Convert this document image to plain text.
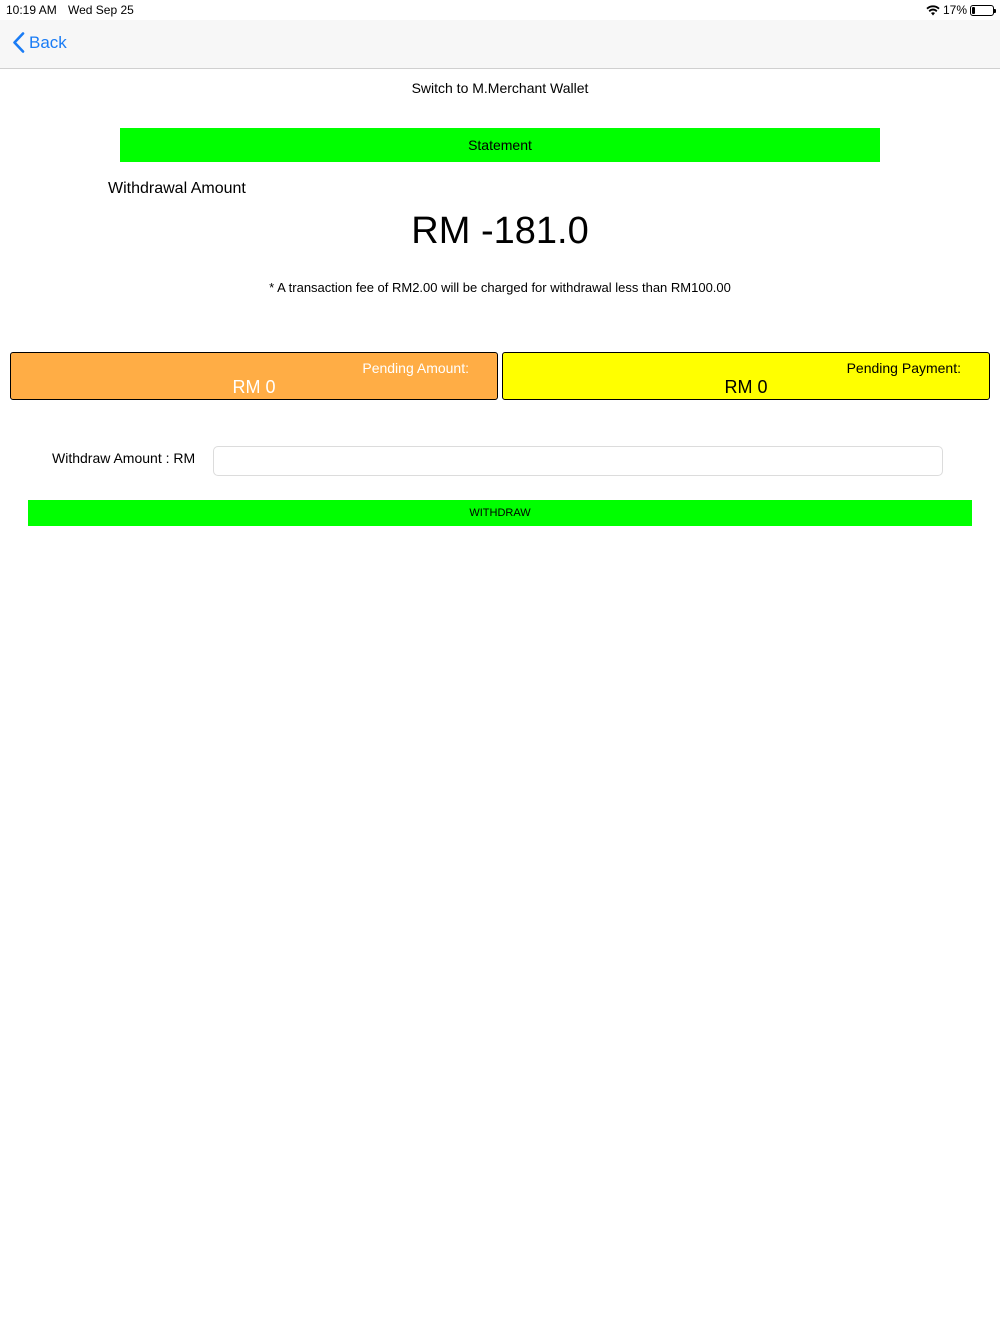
10:19 AM Wed Sep 25	17%
Back
Switch to M.Merchant Wallet
Statement
Withdrawal Amount
RM -181.0
* A transaction fee of RM2.00 will be charged for withdrawal less than RM100.00
Pending Amount:
RM 0
Pending Payment:
RM 0
Withdraw Amount : RM
WITHDRAW
